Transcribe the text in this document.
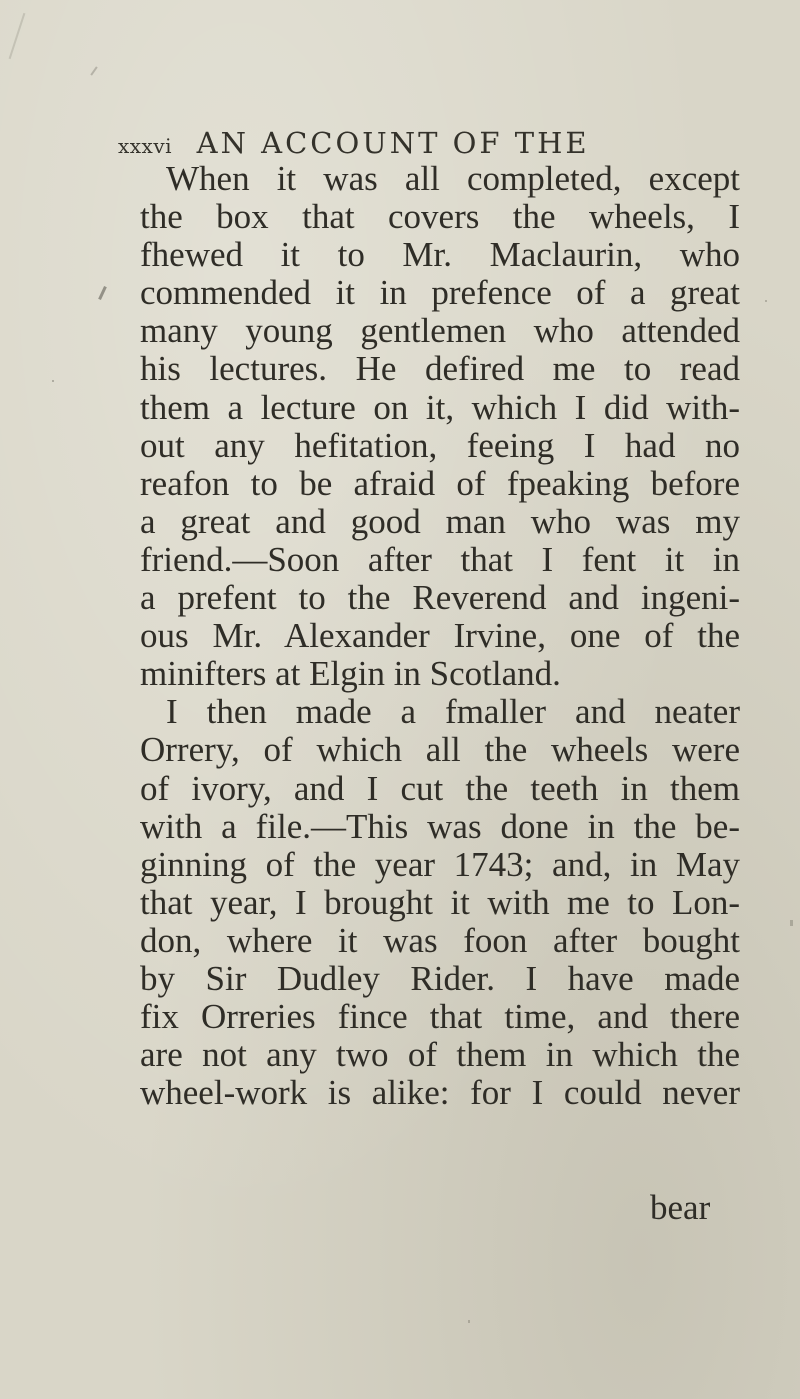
xxxvi AN ACCOUNT OF THE
When it was all completed, except
the box that covers the wheels, I
fhewed it to Mr. Maclaurin, who
commended it in prefence of a great
many young gentlemen who attended
his lectures. He defired me to read
them a lecture on it, which I did with-
out any hefitation, feeing I had no
reafon to be afraid of fpeaking before
a great and good man who was my
friend.—Soon after that I fent it in
a prefent to the Reverend and ingeni-
ous Mr. Alexander Irvine, one of the
minifters at Elgin in Scotland.
I then made a fmaller and neater
Orrery, of which all the wheels were
of ivory, and I cut the teeth in them
with a file.—This was done in the be-
ginning of the year 1743; and, in May
that year, I brought it with me to Lon-
don, where it was foon after bought
by Sir Dudley Rider. I have made
fix Orreries fince that time, and there
are not any two of them in which the
wheel-work is alike: for I could never
bear
